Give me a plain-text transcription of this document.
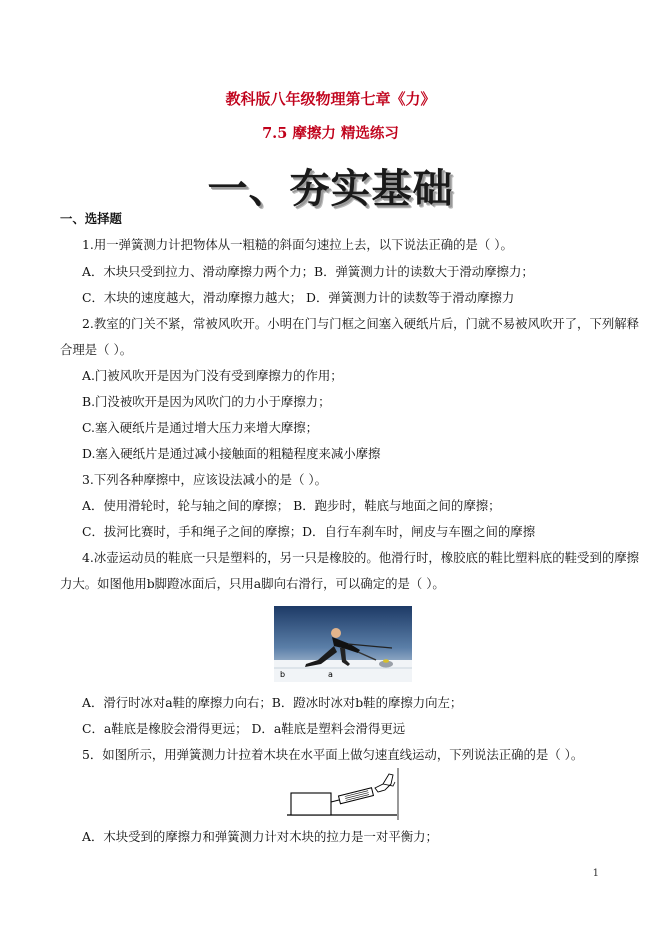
教科版八年级物理第七章《力》
7.5 摩擦力 精选练习
一、夯实基础
一、选择题
1.用一弹簧测力计把物体从一粗糙的斜面匀速拉上去，以下说法正确的是（ ）。
A．木块只受到拉力、滑动摩擦力两个力；B．弹簧测力计的读数大于滑动摩擦力；
C．木块的速度越大，滑动摩擦力越大； D．弹簧测力计的读数等于滑动摩擦力
2.教室的门关不紧，常被风吹开。小明在门与门框之间塞入硬纸片后，门就不易被风吹开了，下列解释
合理是（ ）。
A.门被风吹开是因为门没有受到摩擦力的作用；
B.门没被吹开是因为风吹门的力小于摩擦力；
C.塞入硬纸片是通过增大压力来增大摩擦；
D.塞入硬纸片是通过减小接触面的粗糙程度来减小摩擦
3.下列各种摩擦中，应该设法减小的是（ ）。
A．使用滑轮时，轮与轴之间的摩擦； B．跑步时，鞋底与地面之间的摩擦；
C．拔河比赛时，手和绳子之间的摩擦；D．自行车刹车时，闸皮与车圈之间的摩擦
4.冰壶运动员的鞋底一只是塑料的，另一只是橡胶的。他滑行时，橡胶底的鞋比塑料底的鞋受到的摩擦
力大。如图他用b脚蹬冰面后，只用a脚向右滑行，可以确定的是（ ）。
b	a
A．滑行时冰对a鞋的摩擦力向右；B．蹬冰时冰对b鞋的摩擦力向左；
C．a鞋底是橡胶会滑得更远； D．a鞋底是塑料会滑得更远
5．如图所示，用弹簧测力计拉着木块在水平面上做匀速直线运动，下列说法正确的是（ ）。
A．木块受到的摩擦力和弹簧测力计对木块的拉力是一对平衡力；
1
